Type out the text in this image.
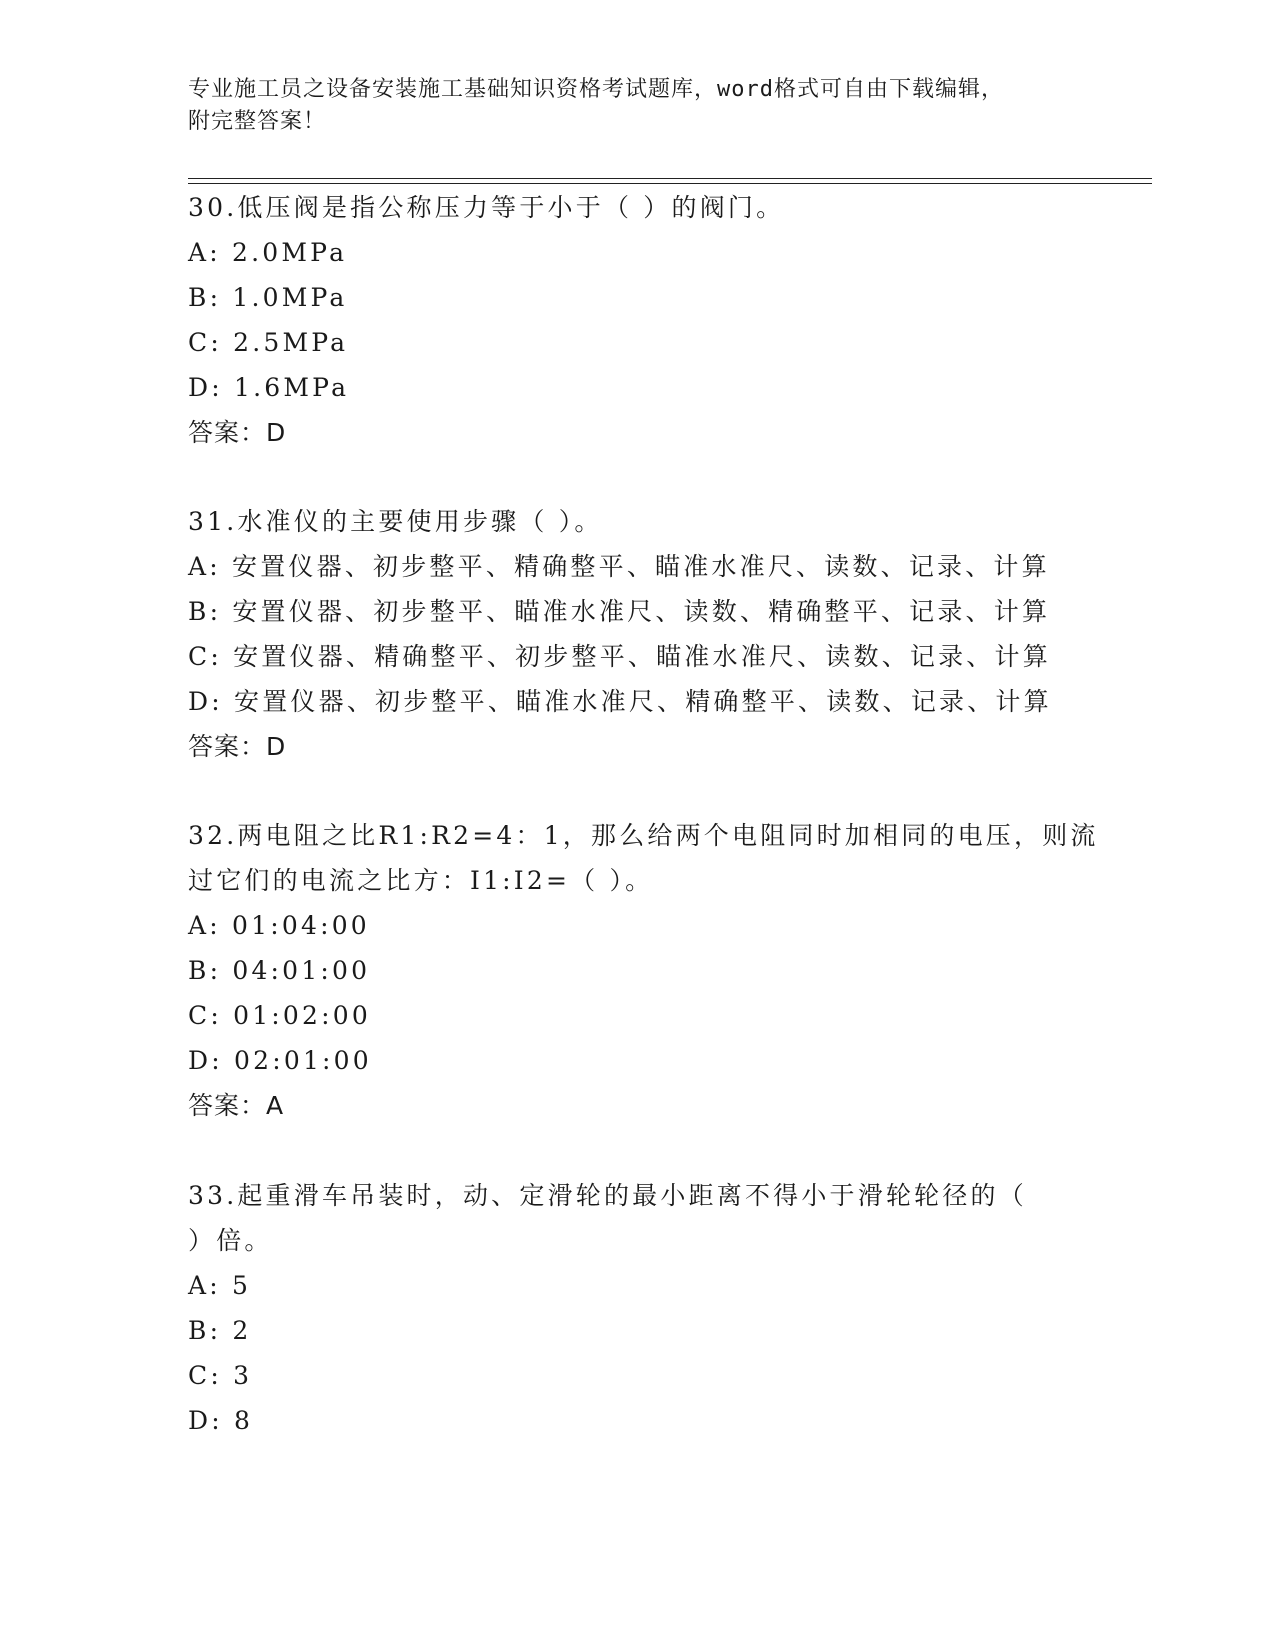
专业施工员之设备安装施工基础知识资格考试题库，word格式可自由下载编辑，
附完整答案！
30.低压阀是指公称压力等于小于（ ）的阀门。
A: 2.0MPa
B: 1.0MPa
C: 2.5MPa
D: 1.6MPa
答案：D
31.水准仪的主要使用步骤（ ）。
A: 安置仪器、初步整平、精确整平、瞄准水准尺、读数、记录、计算
B: 安置仪器、初步整平、瞄准水准尺、读数、精确整平、记录、计算
C: 安置仪器、精确整平、初步整平、瞄准水准尺、读数、记录、计算
D: 安置仪器、初步整平、瞄准水准尺、精确整平、读数、记录、计算
答案：D
32.两电阻之比R1:R2=4：1，那么给两个电阻同时加相同的电压，则流
过它们的电流之比方：I1:I2=（ ）。
A: 01:04:00
B: 04:01:00
C: 01:02:00
D: 02:01:00
答案：A
33.起重滑车吊装时，动、定滑轮的最小距离不得小于滑轮轮径的（
）倍。
A: 5
B: 2
C: 3
D: 8
